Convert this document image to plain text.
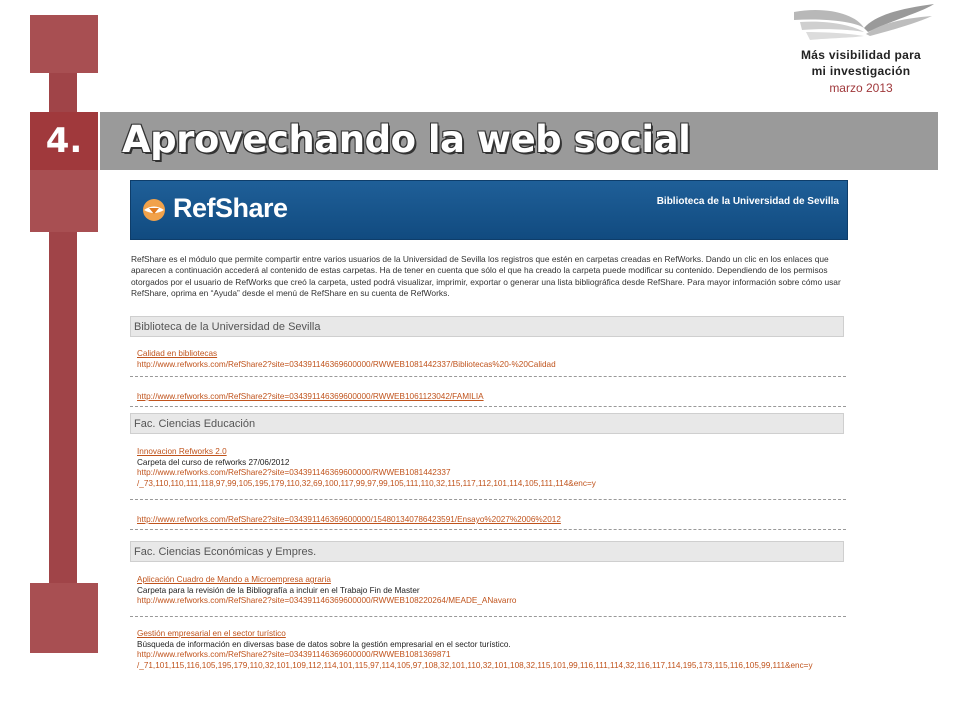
4.	Aprovechando la web social
Más visibilidad para
mi investigación
marzo 2013
RefShare	Biblioteca de la Universidad de Sevilla
RefShare es el módulo que permite compartir entre varios usuarios de la Universidad de Sevilla los registros que estén en carpetas creadas en RefWorks. Dando un clic en los enlaces que aparecen a continuación accederá al contenido de estas carpetas. Ha de tener en cuenta que sólo el que ha creado la carpeta puede modificar su contenido. Dependiendo de los permisos otorgados por el usuario de RefWorks que creó la carpeta, usted podrá visualizar, imprimir, exportar o generar una lista bibliográfica desde RefShare. Para mayor información sobre cómo usar RefShare, oprima en “Ayuda” desde el menú de RefShare en su cuenta de RefWorks.
Biblioteca de la Universidad de Sevilla
Calidad en bibliotecas
http://www.refworks.com/RefShare2?site=034391146369600000/RWWEB1081442337/Bibliotecas%20-%20Calidad
http://www.refworks.com/RefShare2?site=034391146369600000/RWWEB1061123042/FAMILIA
Fac. Ciencias Educación
Innovacion Refworks 2.0
Carpeta del curso de refworks 27/06/2012
http://www.refworks.com/RefShare2?site=034391146369600000/RWWEB1081442337
/_73,110,110,111,118,97,99,105,195,179,110,32,69,100,117,99,97,99,105,111,110,32,115,117,112,101,114,105,111,114&enc=y
http://www.refworks.com/RefShare2?site=034391146369600000/154801340786423591/Ensayo%2027%2006%2012
Fac. Ciencias Económicas y Empres.
Aplicación Cuadro de Mando a Microempresa agraria
Carpeta para la revisión de la Bibliografía a incluir en el Trabajo Fin de Master
http://www.refworks.com/RefShare2?site=034391146369600000/RWWEB108220264/MEADE_ANavarro
Gestión empresarial en el sector turístico
Búsqueda de información en diversas base de datos sobre la gestión empresarial en el sector turístico.
http://www.refworks.com/RefShare2?site=034391146369600000/RWWEB1081369871
/_71,101,115,116,105,195,179,110,32,101,109,112,114,101,115,97,114,105,97,108,32,101,110,32,101,108,32,115,101,99,116,111,114,32,116,117,114,195,173,115,116,105,99,111&enc=y
